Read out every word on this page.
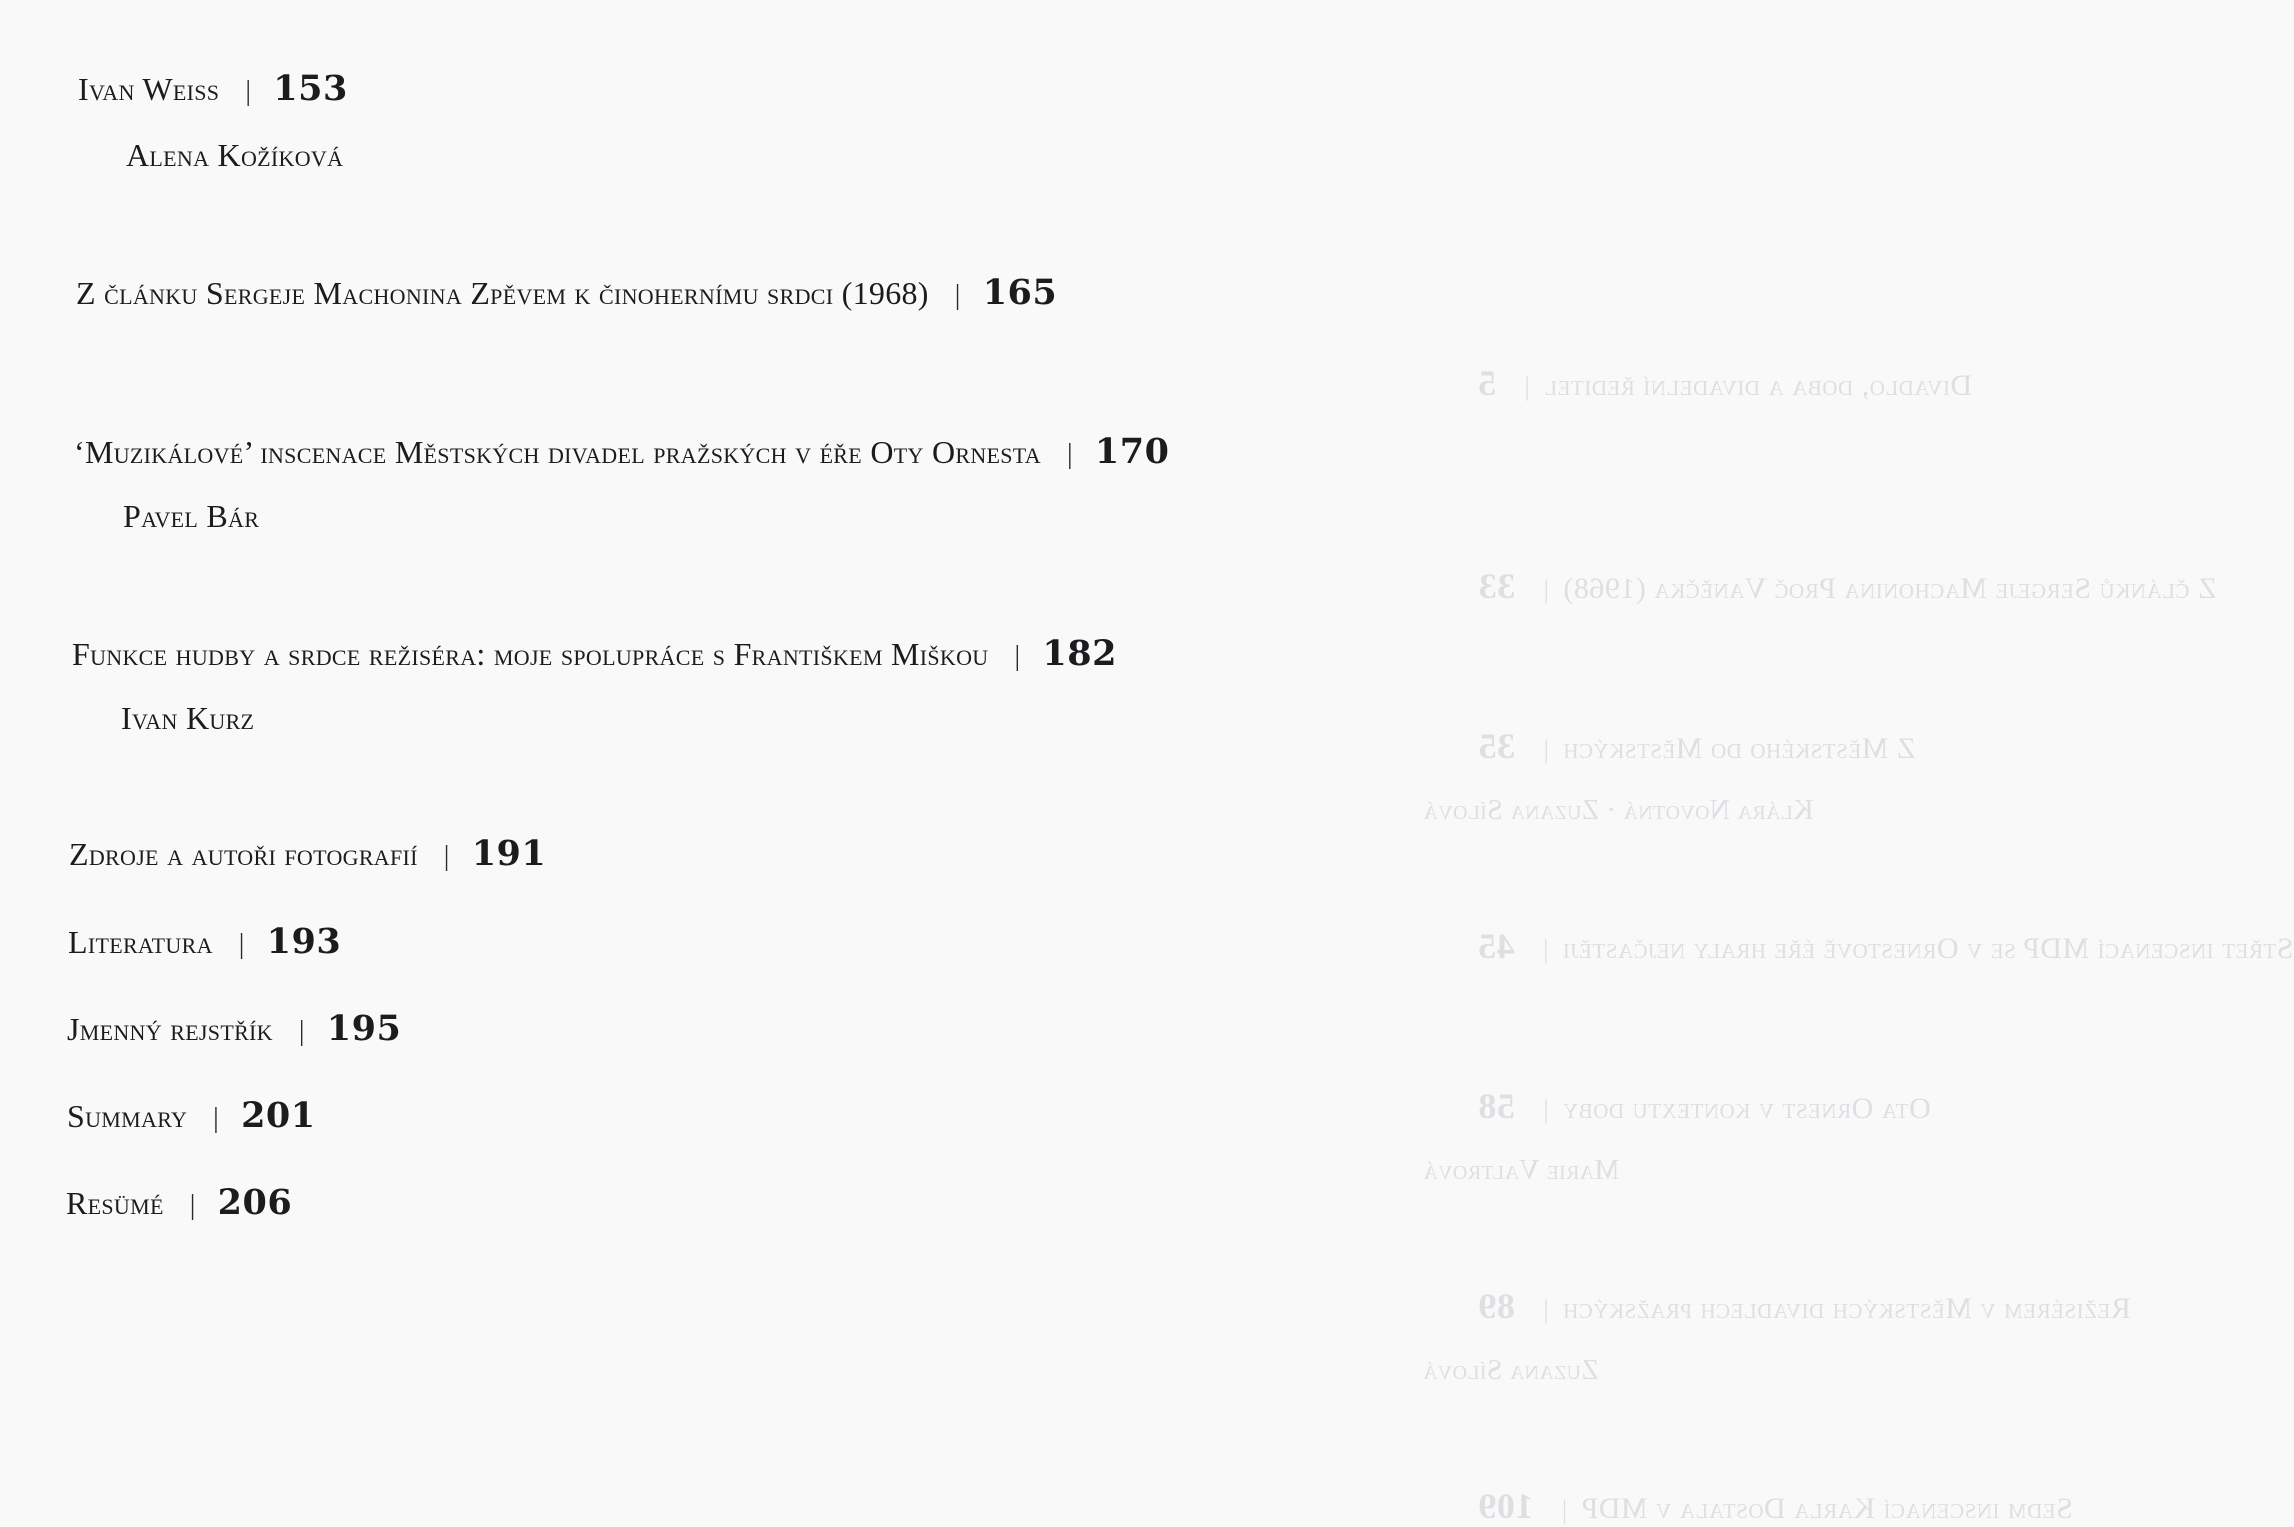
Divadlo, doba a divadelní ředitel|5
Z článků Sergeje Machonina Proč Vaněčka (1968)|33
Z Městského do Městských|35
Klára Novotná · Zuzana Sílová
Střet inscenací MDP se v Ornestově éře hraly nejčastěji|45
Ota Ornest v kontextu doby|58
Marie Valtrová
Režisérem v Městských divadlech pražských|89
Zuzana Sílová
Sedm inscenací Karla Dostala v MDP|109
Ivan Weiss | 153
Alena Kožíková
Z článku Sergeje Machonina Zpěvem k činohernímu srdci (1968) | 165
‘Muzikálové’ inscenace Městských divadel pražských v éře Oty Ornesta | 170
Pavel Bár
Funkce hudby a srdce režiséra: moje spolupráce s Františkem Miškou | 182
Ivan Kurz
Zdroje a autoři fotografií | 191
Literatura | 193
Jmenný rejstřík | 195
Summary | 201
Resümé | 206
